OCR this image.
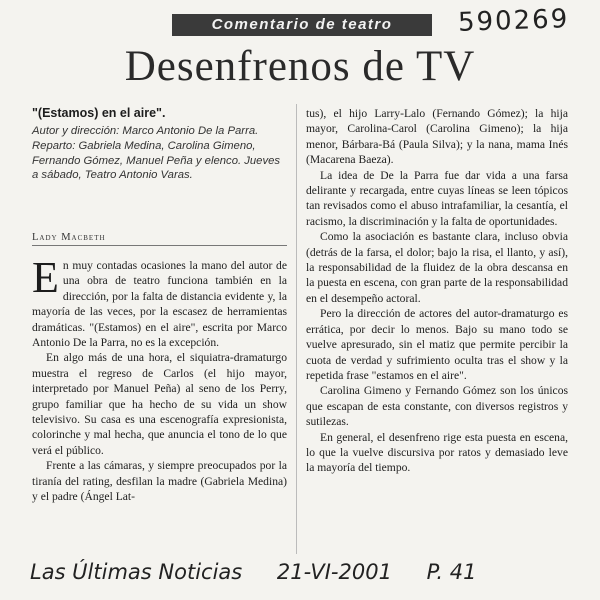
Comentario de teatro	590269
Desenfrenos de TV
"(Estamos) en el aire".
Autor y dirección: Marco Antonio De la Parra. Reparto: Gabriela Medina, Carolina Gimeno, Fernando Gómez, Manuel Peña y elenco. Jueves a sábado, Teatro Antonio Varas.
Lady Macbeth

En muy contadas ocasiones la mano del autor de una obra de teatro funciona también en la dirección, por la falta de distancia evidente y, la mayoría de las veces, por la escasez de herramientas dramáticas. "(Estamos) en el aire", escrita por Marco Antonio De la Parra, no es la excepción.

En algo más de una hora, el siquiatra-dramaturgo muestra el regreso de Carlos (el hijo mayor, interpretado por Manuel Peña) al seno de los Perry, grupo familiar que ha hecho de su vida un show televisivo. Su casa es una escenografía expresionista, colorinche y mal hecha, que anuncia el tono de lo que verá el público.

Frente a las cámaras, y siempre preocupados por la tiranía del rating, desfilan la madre (Gabriela Medina) y el padre (Ángel Lat-

tus), el hijo Larry-Lalo (Fernando Gómez); la hija mayor, Carolina-Carol (Carolina Gimeno); la hija menor, Bárbara-Bá (Paula Silva); y la nana, mama Inés (Macarena Baeza).

La idea de De la Parra fue dar vida a una farsa delirante y recargada, entre cuyas líneas se leen tópicos tan revisados como el abuso intrafamiliar, la cesantía, el racismo, la discriminación y la falta de oportunidades.

Como la asociación es bastante clara, incluso obvia (detrás de la farsa, el dolor; bajo la risa, el llanto, y así), la responsabilidad de la fluidez de la obra descansa en la puesta en escena, con gran parte de la responsabilidad en el desempeño actoral.

Pero la dirección de actores del autor-dramaturgo es errática, por decir lo menos. Bajo su mano todo se vuelve apresurado, sin el matiz que permite percibir la cuota de verdad y sufrimiento oculta tras el show y la repetida frase "estamos en el aire".

Carolina Gimeno y Fernando Gómez son los únicos que escapan de esta constante, con diversos registros y sutilezas.

En general, el desenfreno rige esta puesta en escena, lo que la vuelve discursiva por ratos y demasiado leve la mayoría del tiempo.

Las Últimas Noticias 21-VI-2001 P. 41
